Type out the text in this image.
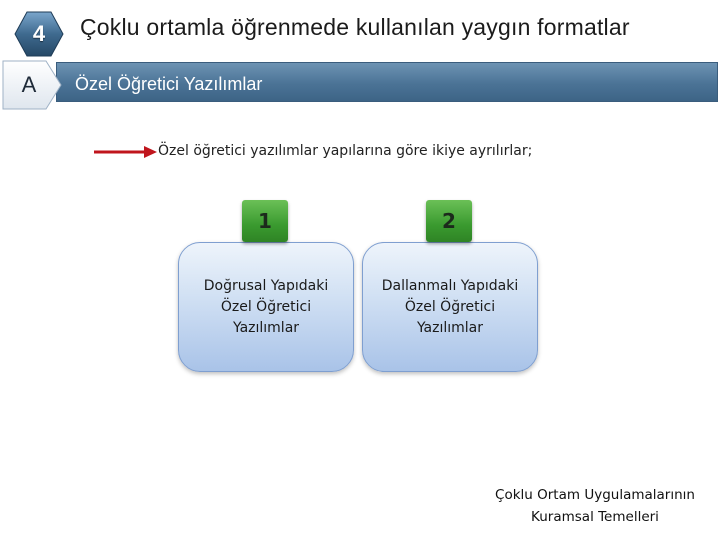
4	Çoklu ortamla öğrenmede kullanılan yaygın formatlar
A	Özel Öğretici Yazılımlar
Özel öğretici yazılımlar yapılarına göre ikiye ayrılırlar;
Doğrusal Yapıdaki
Özel Öğretici
Yazılımlar
1
Dallanmalı Yapıdaki
Özel Öğretici
Yazılımlar
2
Çoklu Ortam Uygulamalarının
Kuramsal Temelleri
